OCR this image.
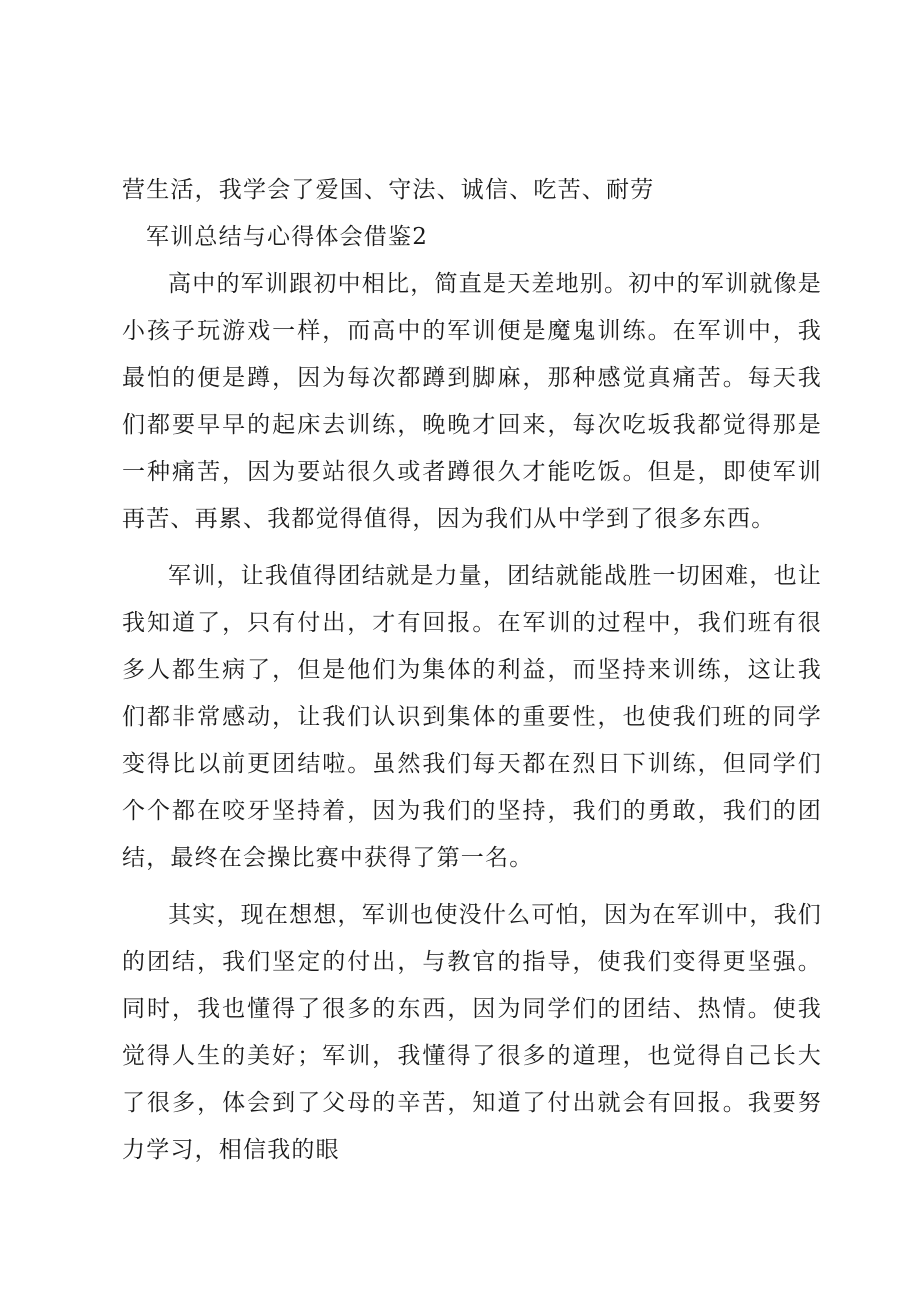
营生活，我学会了爱国、守法、诚信、吃苦、耐劳

军训总结与心得体会借鉴2

高中的军训跟初中相比，简直是天差地别。初中的军训就像是小孩子玩游戏一样，而高中的军训便是魔鬼训练。在军训中，我最怕的便是蹲，因为每次都蹲到脚麻，那种感觉真痛苦。每天我们都要早早的起床去训练，晚晚才回来，每次吃坂我都觉得那是一种痛苦，因为要站很久或者蹲很久才能吃饭。但是，即使军训再苦、再累、我都觉得值得，因为我们从中学到了很多东西。

军训，让我值得团结就是力量，团结就能战胜一切困难，也让我知道了，只有付出，才有回报。在军训的过程中，我们班有很多人都生病了，但是他们为集体的利益，而坚持来训练，这让我们都非常感动，让我们认识到集体的重要性，也使我们班的同学变得比以前更团结啦。虽然我们每天都在烈日下训练，但同学们个个都在咬牙坚持着，因为我们的坚持，我们的勇敢，我们的团结，最终在会操比赛中获得了第一名。

其实，现在想想，军训也使没什么可怕，因为在军训中，我们的团结，我们坚定的付出，与教官的指导，使我们变得更坚强。同时，我也懂得了很多的东西，因为同学们的团结、热情。使我觉得人生的美好；军训，我懂得了很多的道理，也觉得自己长大了很多，体会到了父母的辛苦，知道了付出就会有回报。我要努力学习，相信我的眼
